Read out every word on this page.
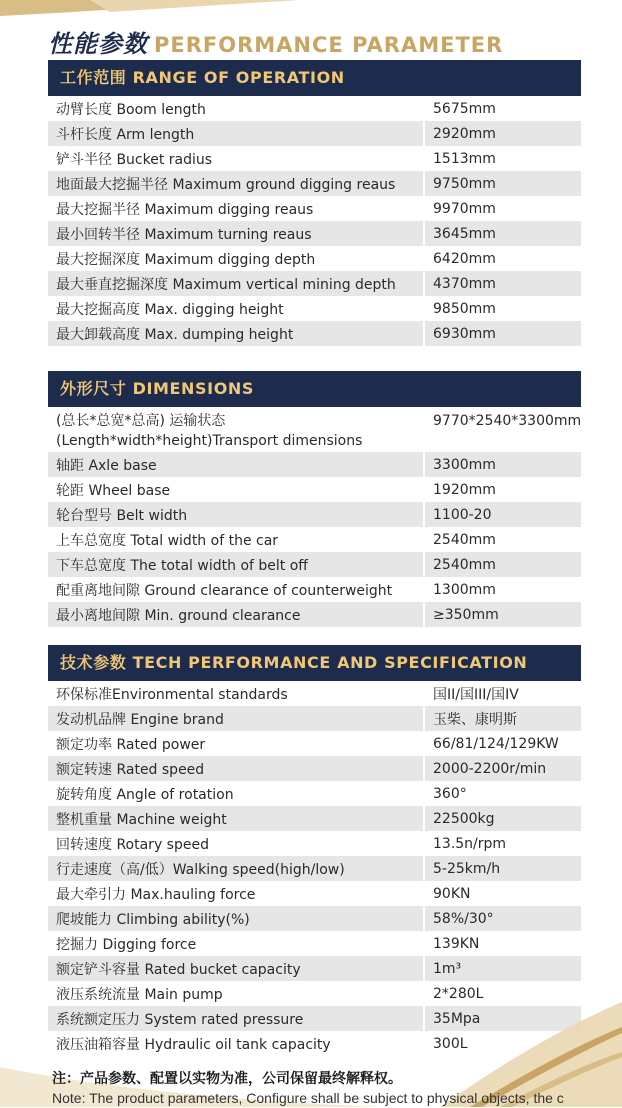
性能参数 PERFORMANCE PARAMETER
工作范围 RANGE OF OPERATION
动臂长度 Boom length	5675mm
斗杆长度 Arm length	2920mm
铲斗半径 Bucket radius	1513mm
地面最大挖掘半径 Maximum ground digging reaus	9750mm
最大挖掘半径 Maximum digging reaus	9970mm
最小回转半径 Maximum turning reaus	3645mm
最大挖掘深度 Maximum digging depth	6420mm
最大垂直挖掘深度 Maximum vertical mining depth	4370mm
最大挖掘高度 Max. digging height	9850mm
最大卸载高度 Max. dumping height	6930mm
外形尺寸 DIMENSIONS
(总长*总宽*总高) 运输状态
(Length*width*height)Transport dimensions
9770*2540*3300mm
轴距 Axle base	3300mm
轮距 Wheel base	1920mm
轮台型号 Belt width	1100-20
上车总宽度 Total width of the car	2540mm
下车总宽度 The total width of belt off	2540mm
配重离地间隙 Ground clearance of counterweight	1300mm
最小离地间隙 Min. ground clearance	≥350mm
技术参数 TECH PERFORMANCE AND SPECIFICATION
环保标准Environmental standards	国II/国III/国IV
发动机品牌 Engine brand	玉柴、康明斯
额定功率 Rated power	66/81/124/129KW
额定转速 Rated speed	2000-2200r/min
旋转角度 Angle of rotation	360°
整机重量 Machine weight	22500kg
回转速度 Rotary speed	13.5n/rpm
行走速度（高/低）Walking speed(high/low)	5-25km/h
最大牵引力 Max.hauling force	90KN
爬坡能力 Climbing ability(%)	58%/30°
挖掘力 Digging force	139KN
额定铲斗容量 Rated bucket capacity	1m³
液压系统流量 Main pump	2*280L
系统额定压力 System rated pressure	35Mpa
液压油箱容量 Hydraulic oil tank capacity	300L
注：产品参数、配置以实物为准，公司保留最终解释权。
Note: The product parameters, Configure shall be subject to physical objects, the c
